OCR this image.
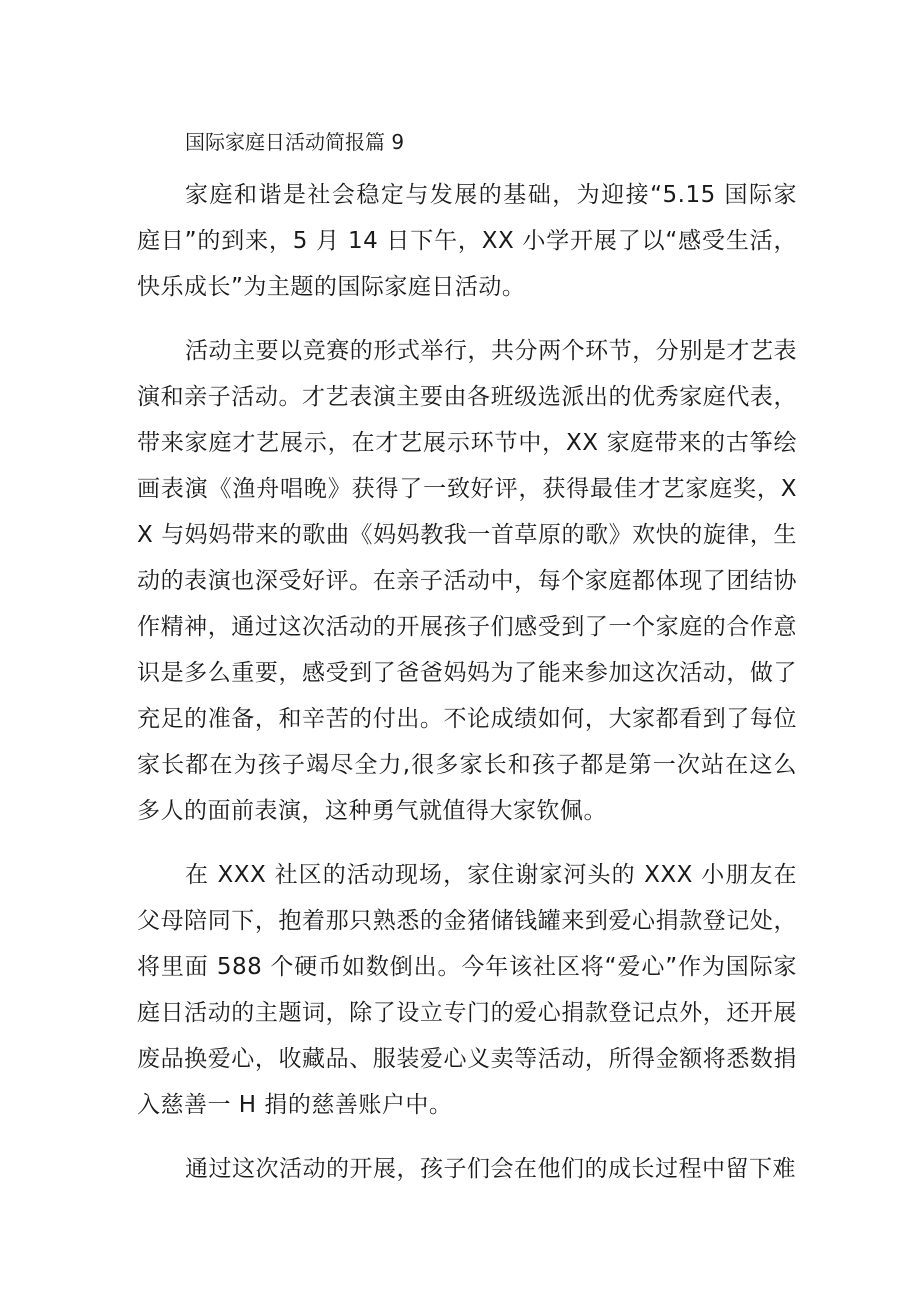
国际家庭日活动简报篇 9

家庭和谐是社会稳定与发展的基础，为迎接“5.15 国际家庭日”的到来，5 月 14 日下午，XX 小学开展了以“感受生活，快乐成长”为主题的国际家庭日活动。

活动主要以竞赛的形式举行，共分两个环节，分别是才艺表演和亲子活动。才艺表演主要由各班级选派出的优秀家庭代表，带来家庭才艺展示，在才艺展示环节中，XX 家庭带来的古筝绘画表演《渔舟唱晚》获得了一致好评，获得最佳才艺家庭奖，XX 与妈妈带来的歌曲《妈妈教我一首草原的歌》欢快的旋律，生动的表演也深受好评。在亲子活动中，每个家庭都体现了团结协作精神，通过这次活动的开展孩子们感受到了一个家庭的合作意识是多么重要，感受到了爸爸妈妈为了能来参加这次活动，做了充足的准备，和辛苦的付出。不论成绩如何，大家都看到了每位家长都在为孩子竭尽全力,很多家长和孩子都是第一次站在这么多人的面前表演，这种勇气就值得大家钦佩。

在 XXX 社区的活动现场，家住谢家河头的 XXX 小朋友在父母陪同下，抱着那只熟悉的金猪储钱罐来到爱心捐款登记处，将里面 588 个硬币如数倒出。今年该社区将“爱心”作为国际家庭日活动的主题词，除了设立专门的爱心捐款登记点外，还开展废品换爱心，收藏品、服装爱心义卖等活动，所得金额将悉数捐入慈善一 H 捐的慈善账户中。

通过这次活动的开展，孩子们会在他们的成长过程中留下难
